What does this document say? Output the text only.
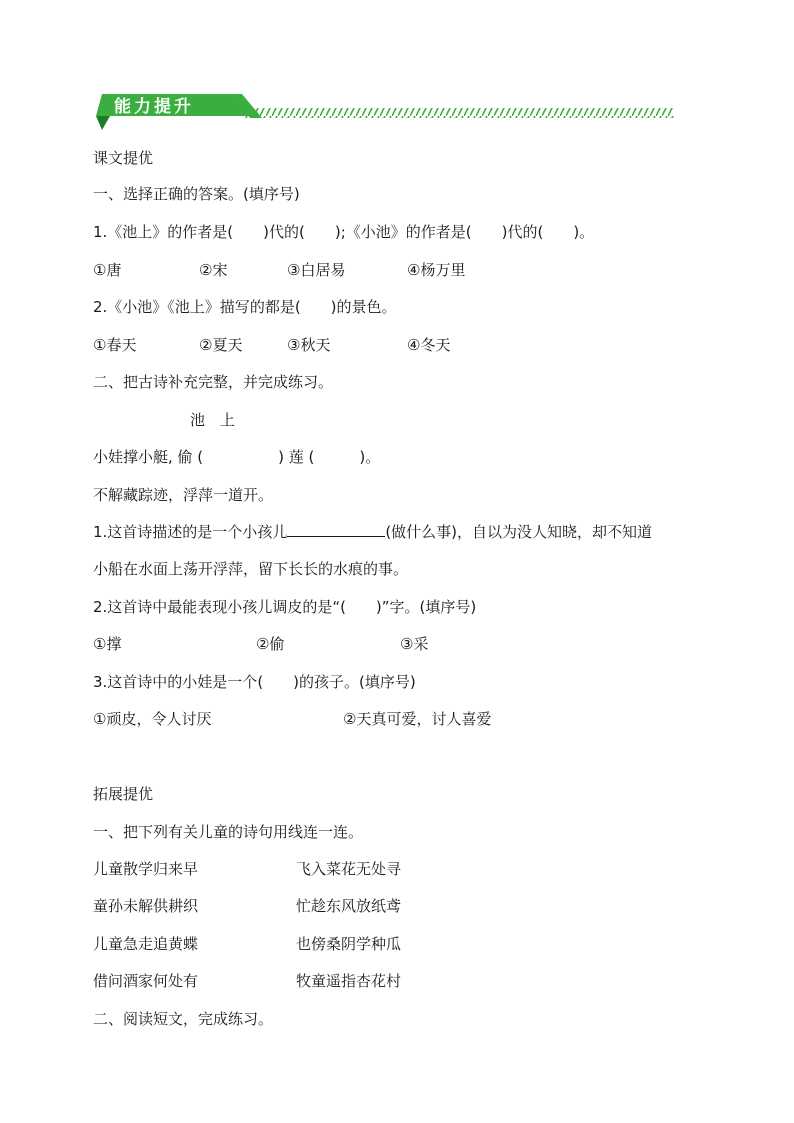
能力提升
课文提优
一、选择正确的答案。(填序号)
1.《池上》的作者是(　　)代的(　　);《小池》的作者是(　　)代的(　　)。
①唐	②宋	③白居易	④杨万里
2.《小池》《池上》描写的都是(　　)的景色。
①春天	②夏天	③秋天	④冬天
二、把古诗补充完整，并完成练习。
池　上
小娃撑小艇, 偷 (　　　　　) 莲 (　　　)。
不解藏踪迹，浮萍一道开。
1.这首诗描述的是一个小孩儿	(做什么事)，自以为没人知晓，却不知道
小船在水面上荡开浮萍，留下长长的水痕的事。
2.这首诗中最能表现小孩儿调皮的是“(　　)”字。(填序号)
①撑	②偷	③采
3.这首诗中的小娃是一个(　　)的孩子。(填序号)
①顽皮，令人讨厌	②天真可爱，讨人喜爱
拓展提优
一、把下列有关儿童的诗句用线连一连。
儿童散学归来早	飞入菜花无处寻
童孙未解供耕织	忙趁东风放纸鸢
儿童急走追黄蝶	也傍桑阴学种瓜
借问酒家何处有	牧童遥指杏花村
二、阅读短文，完成练习。
